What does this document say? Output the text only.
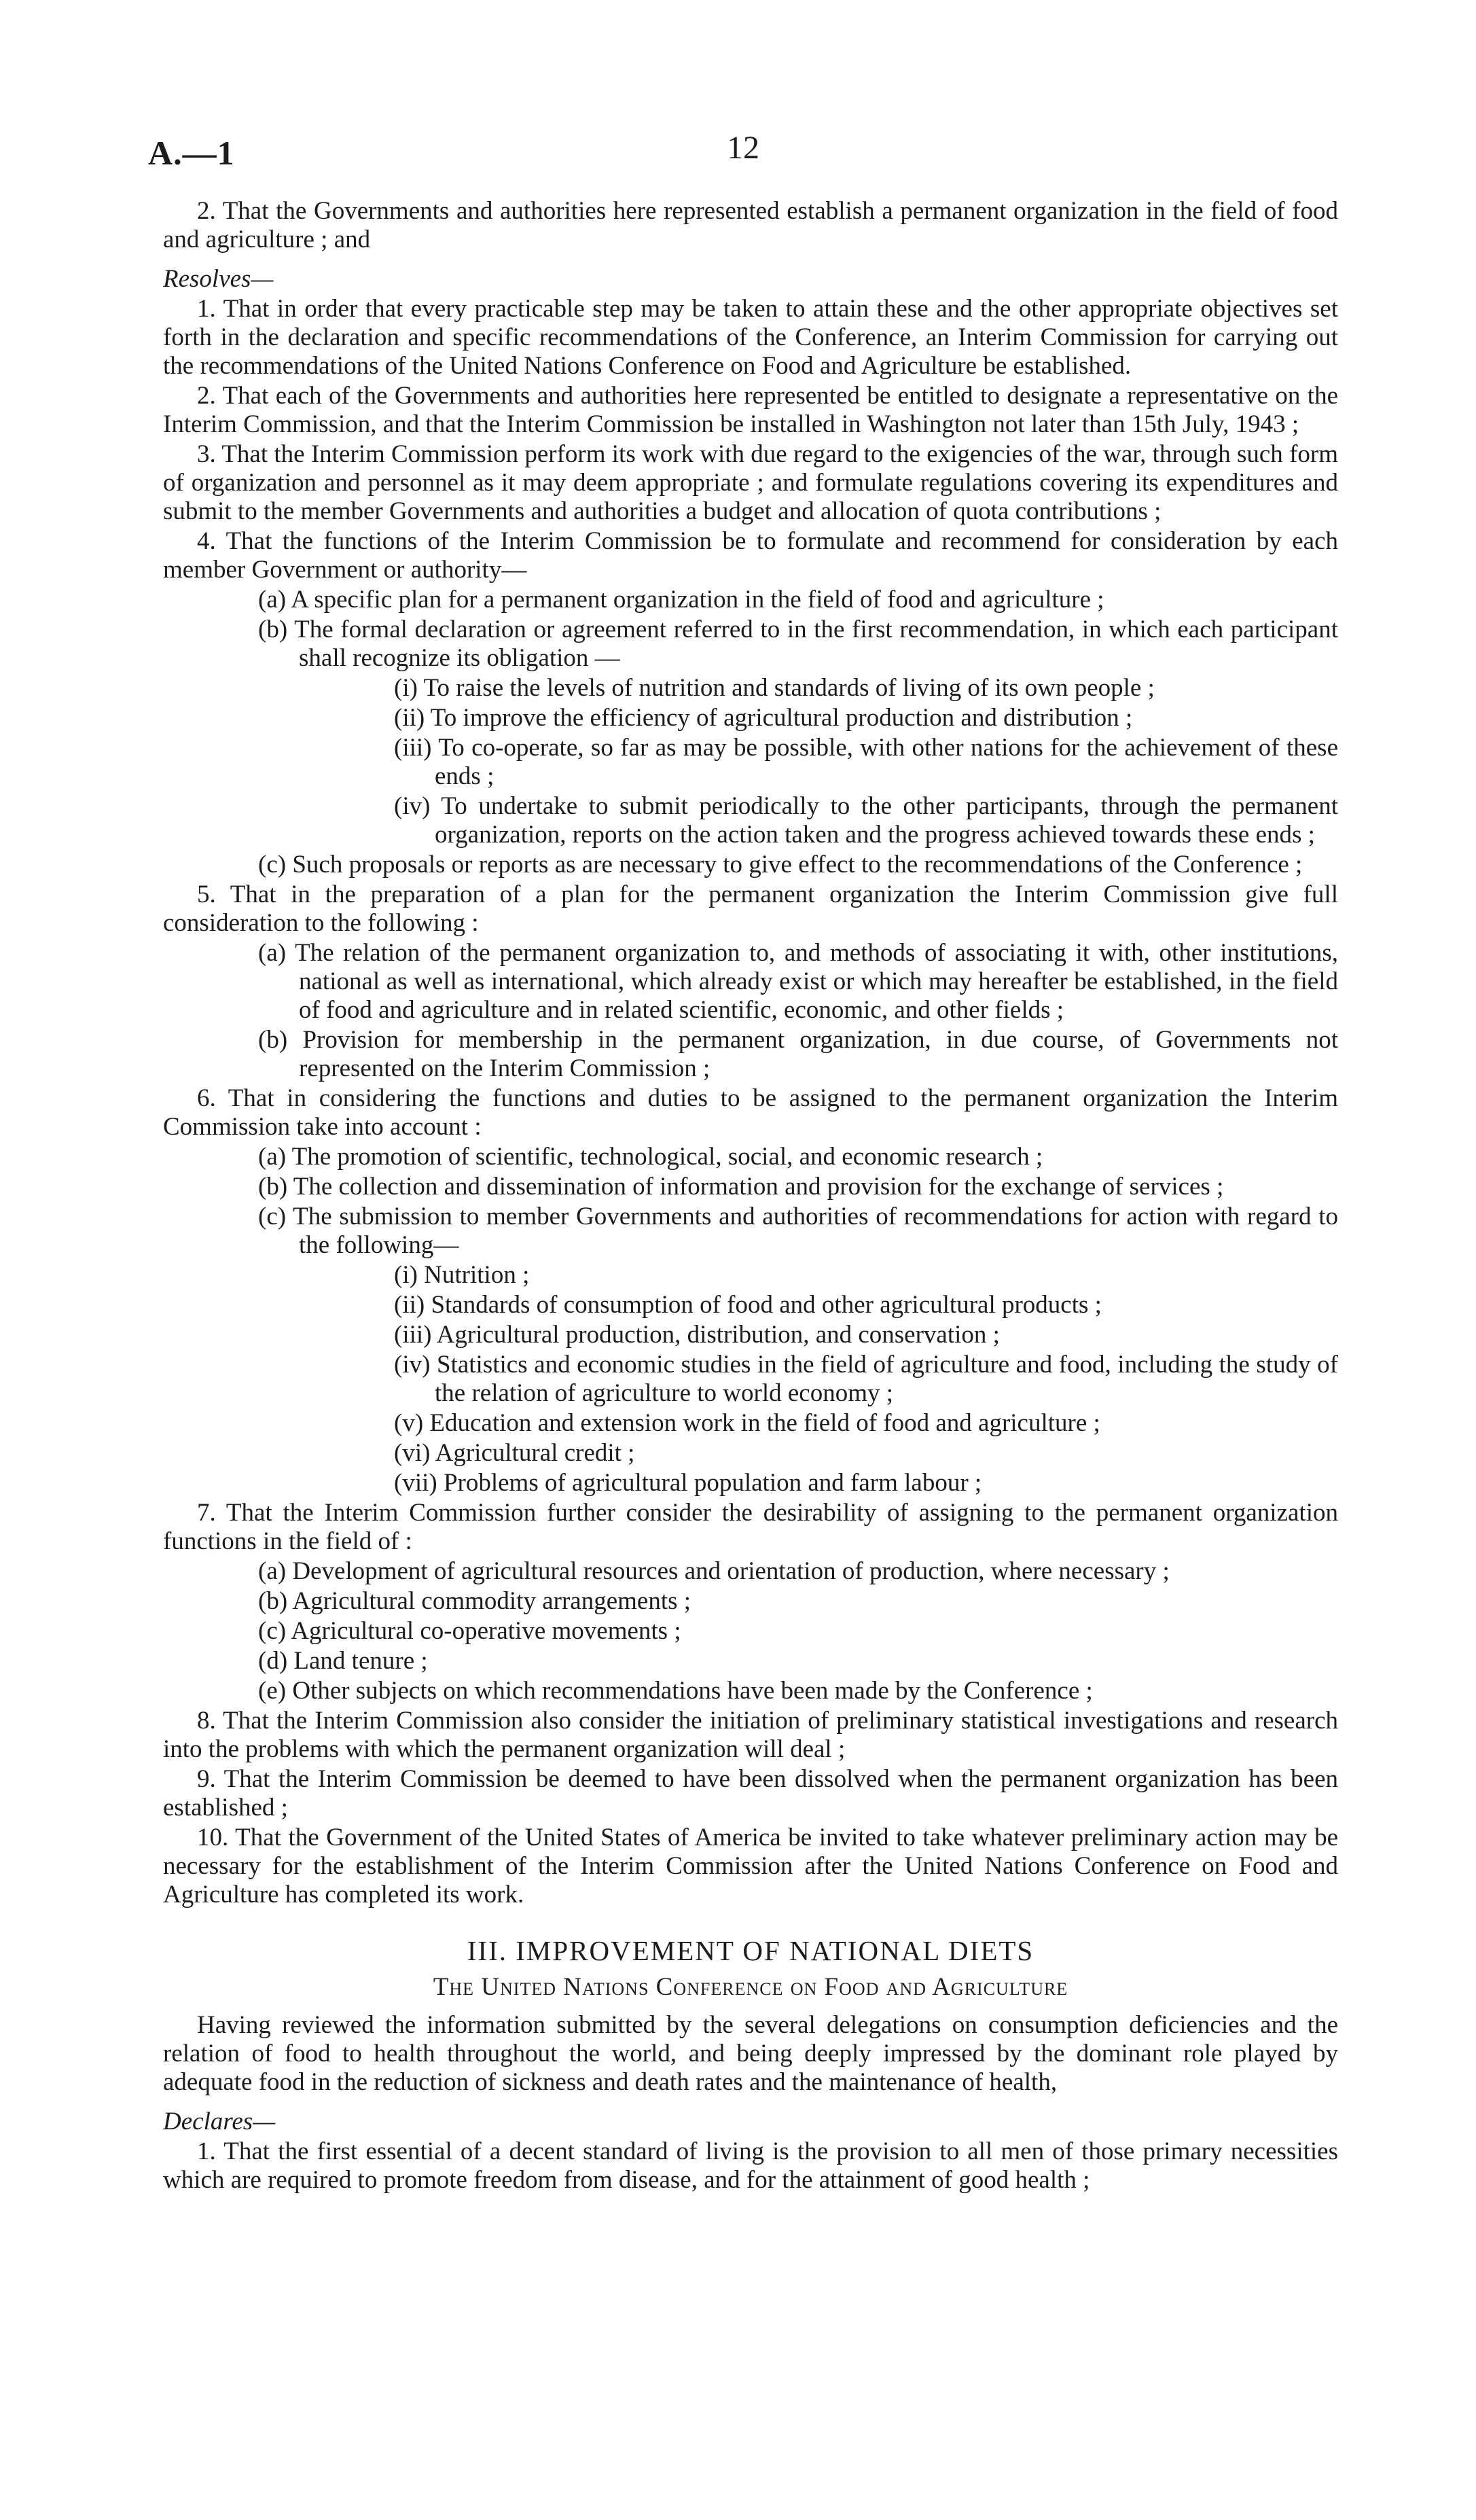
A.—1	12

2. That the Governments and authorities here represented establish a permanent organization in the field of food and agriculture ; and

Resolves—

1. That in order that every practicable step may be taken to attain these and the other appropriate objectives set forth in the declaration and specific recommendations of the Conference, an Interim Commission for carrying out the recommendations of the United Nations Conference on Food and Agriculture be established.

2. That each of the Governments and authorities here represented be entitled to designate a representative on the Interim Commission, and that the Interim Commission be installed in Washington not later than 15th July, 1943 ;

3. That the Interim Commission perform its work with due regard to the exigencies of the war, through such form of organization and personnel as it may deem appropriate ; and formulate regulations covering its expenditures and submit to the member Governments and authorities a budget and allocation of quota contributions ;

4. That the functions of the Interim Commission be to formulate and recommend for consideration by each member Government or authority—

(a) A specific plan for a permanent organization in the field of food and agriculture ;

(b) The formal declaration or agreement referred to in the first recommendation, in which each participant shall recognize its obligation —

(i) To raise the levels of nutrition and standards of living of its own people ;

(ii) To improve the efficiency of agricultural production and distribution ;

(iii) To co-operate, so far as may be possible, with other nations for the achievement of these ends ;

(iv) To undertake to submit periodically to the other participants, through the permanent organization, reports on the action taken and the progress achieved towards these ends ;

(c) Such proposals or reports as are necessary to give effect to the recommendations of the Conference ;

5. That in the preparation of a plan for the permanent organization the Interim Commission give full consideration to the following :

(a) The relation of the permanent organization to, and methods of associating it with, other institutions, national as well as international, which already exist or which may hereafter be established, in the field of food and agriculture and in related scientific, economic, and other fields ;

(b) Provision for membership in the permanent organization, in due course, of Governments not represented on the Interim Commission ;

6. That in considering the functions and duties to be assigned to the permanent organization the Interim Commission take into account :

(a) The promotion of scientific, technological, social, and economic research ;

(b) The collection and dissemination of information and provision for the exchange of services ;

(c) The submission to member Governments and authorities of recommendations for action with regard to the following—

(i) Nutrition ;

(ii) Standards of consumption of food and other agricultural products ;

(iii) Agricultural production, distribution, and conservation ;

(iv) Statistics and economic studies in the field of agriculture and food, including the study of the relation of agriculture to world economy ;

(v) Education and extension work in the field of food and agriculture ;

(vi) Agricultural credit ;

(vii) Problems of agricultural population and farm labour ;

7. That the Interim Commission further consider the desirability of assigning to the permanent organization functions in the field of :

(a) Development of agricultural resources and orientation of production, where necessary ;

(b) Agricultural commodity arrangements ;

(c) Agricultural co-operative movements ;

(d) Land tenure ;

(e) Other subjects on which recommendations have been made by the Conference ;

8. That the Interim Commission also consider the initiation of preliminary statistical investigations and research into the problems with which the permanent organization will deal ;

9. That the Interim Commission be deemed to have been dissolved when the permanent organization has been established ;

10. That the Government of the United States of America be invited to take whatever preliminary action may be necessary for the establishment of the Interim Commission after the United Nations Conference on Food and Agriculture has completed its work.

III. IMPROVEMENT OF NATIONAL DIETS
The United Nations Conference on Food and Agriculture

Having reviewed the information submitted by the several delegations on consumption deficiencies and the relation of food to health throughout the world, and being deeply impressed by the dominant role played by adequate food in the reduction of sickness and death rates and the maintenance of health,

Declares—

1. That the first essential of a decent standard of living is the provision to all men of those primary necessities which are required to promote freedom from disease, and for the attainment of good health ;
